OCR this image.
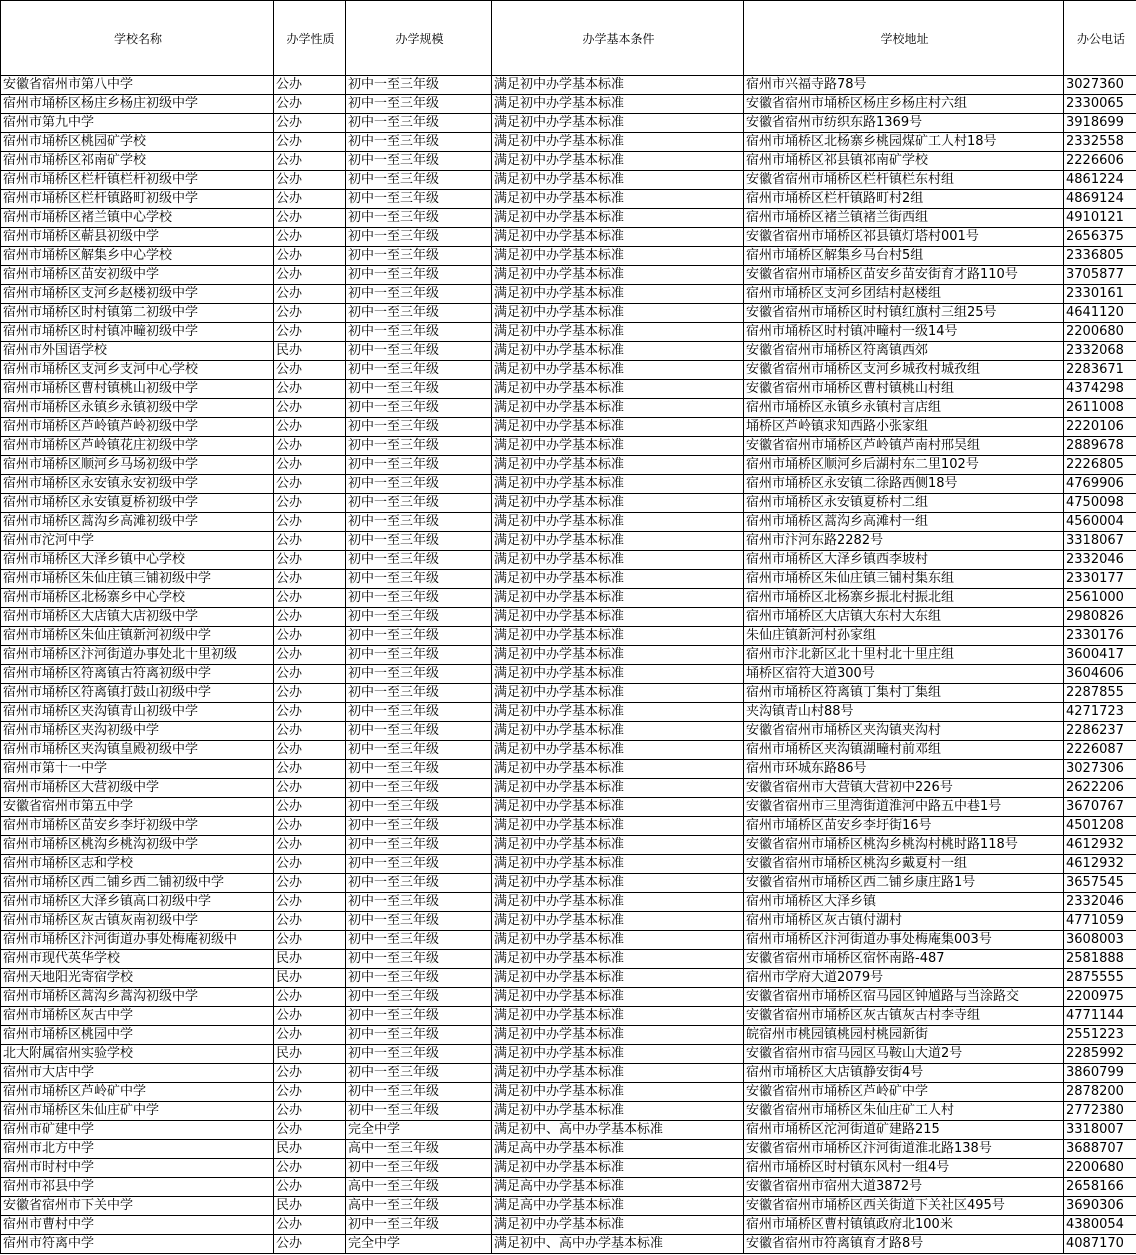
学校名称	办学性质	办学规模	办学基本条件	学校地址	办公电话
安徽省宿州市第八中学	公办	初中一至三年级	满足初中办学基本标准	宿州市兴福寺路78号	3027360
宿州市埇桥区杨庄乡杨庄初级中学	公办	初中一至三年级	满足初中办学基本标准	安徽省宿州市埇桥区杨庄乡杨庄村六组	2330065
宿州市第九中学	公办	初中一至三年级	满足初中办学基本标准	安徽省宿州市纺织东路1369号	3918699
宿州市埇桥区桃园矿学校	公办	初中一至三年级	满足初中办学基本标准	宿州市埇桥区北杨寨乡桃园煤矿工人村18号	2332558
宿州市埇桥区祁南矿学校	公办	初中一至三年级	满足初中办学基本标准	宿州市埇桥区祁县镇祁南矿学校	2226606
宿州市埇桥区栏杆镇栏杆初级中学	公办	初中一至三年级	满足初中办学基本标准	安徽省宿州市埇桥区栏杆镇栏东村组	4861224
宿州市埇桥区栏杆镇路町初级中学	公办	初中一至三年级	满足初中办学基本标准	宿州市埇桥区栏杆镇路町村2组	4869124
宿州市埇桥区褚兰镇中心学校	公办	初中一至三年级	满足初中办学基本标准	宿州市埇桥区褚兰镇褚兰街西组	4910121
宿州市埇桥区蕲县初级中学	公办	初中一至三年级	满足初中办学基本标准	安徽省宿州市埇桥区祁县镇灯塔村001号	2656375
宿州市埇桥区解集乡中心学校	公办	初中一至三年级	满足初中办学基本标准	宿州市埇桥区解集乡马台村5组	2336805
宿州市埇桥区苗安初级中学	公办	初中一至三年级	满足初中办学基本标准	安徽省宿州市埇桥区苗安乡苗安街育才路110号	3705877
宿州市埇桥区支河乡赵楼初级中学	公办	初中一至三年级	满足初中办学基本标准	宿州市埇桥区支河乡团结村赵楼组	2330161
宿州市埇桥区时村镇第二初级中学	公办	初中一至三年级	满足初中办学基本标准	安徽省宿州市埇桥区时村镇红旗村三组25号	4641120
宿州市埇桥区时村镇冲疃初级中学	公办	初中一至三年级	满足初中办学基本标准	宿州市埇桥区时村镇冲疃村一级14号	2200680
宿州市外国语学校	民办	初中一至三年级	满足初中办学基本标准	安徽省宿州市埇桥区符离镇西郊	2332068
宿州市埇桥区支河乡支河中心学校	公办	初中一至三年级	满足初中办学基本标准	安徽省宿州市埇桥区支河乡城孜村城孜组	2283671
宿州市埇桥区曹村镇桃山初级中学	公办	初中一至三年级	满足初中办学基本标准	安徽省宿州市埇桥区曹村镇桃山村组	4374298
宿州市埇桥区永镇乡永镇初级中学	公办	初中一至三年级	满足初中办学基本标准	宿州市埇桥区永镇乡永镇村言店组	2611008
宿州市埇桥区芦岭镇芦岭初级中学	公办	初中一至三年级	满足初中办学基本标准	埇桥区芦岭镇求知西路小张家组	2220106
宿州市埇桥区芦岭镇花庄初级中学	公办	初中一至三年级	满足初中办学基本标准	安徽省宿州市埇桥区芦岭镇芦南村邢吴组	2889678
宿州市埇桥区顺河乡马场初级中学	公办	初中一至三年级	满足初中办学基本标准	宿州市埇桥区顺河乡后湖村东二里102号	2226805
宿州市埇桥区永安镇永安初级中学	公办	初中一至三年级	满足初中办学基本标准	宿州市埇桥区永安镇二徐路西侧18号	4769906
宿州市埇桥区永安镇夏桥初级中学	公办	初中一至三年级	满足初中办学基本标准	宿州市埇桥区永安镇夏桥村二组	4750098
宿州市埇桥区蒿沟乡高滩初级中学	公办	初中一至三年级	满足初中办学基本标准	宿州市埇桥区蒿沟乡高滩村一组	4560004
宿州市沱河中学	公办	初中一至三年级	满足初中办学基本标准	宿州市汴河东路2282号	3318067
宿州市埇桥区大泽乡镇中心学校	公办	初中一至三年级	满足初中办学基本标准	宿州市埇桥区大泽乡镇西李坡村	2332046
宿州市埇桥区朱仙庄镇三铺初级中学	公办	初中一至三年级	满足初中办学基本标准	宿州市埇桥区朱仙庄镇三铺村集东组	2330177
宿州市埇桥区北杨寨乡中心学校	公办	初中一至三年级	满足初中办学基本标准	宿州市埇桥区北杨寨乡振北村振北组	2561000
宿州市埇桥区大店镇大店初级中学	公办	初中一至三年级	满足初中办学基本标准	宿州市埇桥区大店镇大东村大东组	2980826
宿州市埇桥区朱仙庄镇新河初级中学	公办	初中一至三年级	满足初中办学基本标准	朱仙庄镇新河村孙家组	2330176
宿州市埇桥区汴河街道办事处北十里初级	公办	初中一至三年级	满足初中办学基本标准	宿州市汴北新区北十里村北十里庄组	3600417
宿州市埇桥区符离镇古符离初级中学	公办	初中一至三年级	满足初中办学基本标准	埇桥区宿符大道300号	3604606
宿州市埇桥区符离镇打鼓山初级中学	公办	初中一至三年级	满足初中办学基本标准	宿州市埇桥区符离镇丁集村丁集组	2287855
宿州市埇桥区夹沟镇青山初级中学	公办	初中一至三年级	满足初中办学基本标准	夹沟镇青山村88号	4271723
宿州市埇桥区夹沟初级中学	公办	初中一至三年级	满足初中办学基本标准	安徽省宿州市埇桥区夹沟镇夹沟村	2286237
宿州市埇桥区夹沟镇皇殿初级中学	公办	初中一至三年级	满足初中办学基本标准	宿州市埇桥区夹沟镇湖疃村前邓组	2226087
宿州市第十一中学	公办	初中一至三年级	满足初中办学基本标准	宿州市环城东路86号	3027306
宿州市埇桥区大营初级中学	公办	初中一至三年级	满足初中办学基本标准	安徽省宿州市大营镇大营初中226号	2622206
安徽省宿州市第五中学	公办	初中一至三年级	满足初中办学基本标准	安徽省宿州市三里湾街道淮河中路五中巷1号	3670767
宿州市埇桥区苗安乡李圩初级中学	公办	初中一至三年级	满足初中办学基本标准	宿州市埇桥区苗安乡李圩街16号	4501208
宿州市埇桥区桃沟乡桃沟初级中学	公办	初中一至三年级	满足初中办学基本标准	安徽省宿州市埇桥区桃沟乡桃沟村桃时路118号	4612932
宿州市埇桥区志和学校	公办	初中一至三年级	满足初中办学基本标准	安徽省宿州市埇桥区桃沟乡戴夏村一组	4612932
宿州市埇桥区西二铺乡西二铺初级中学	公办	初中一至三年级	满足初中办学基本标准	安徽省宿州市埇桥区西二铺乡康庄路1号	3657545
宿州市埇桥区大泽乡镇高口初级中学	公办	初中一至三年级	满足初中办学基本标准	宿州市埇桥区大泽乡镇	2332046
宿州市埇桥区灰古镇灰南初级中学	公办	初中一至三年级	满足初中办学基本标准	宿州市埇桥区灰古镇付湖村	4771059
宿州市埇桥区汴河街道办事处梅庵初级中	公办	初中一至三年级	满足初中办学基本标准	宿州市埇桥区汴河街道办事处梅庵集003号	3608003
宿州市现代英华学校	民办	初中一至三年级	满足初中办学基本标准	安徽省宿州市埇桥区宿怀南路-487	2581888
宿州天地阳光寄宿学校	民办	初中一至三年级	满足初中办学基本标准	宿州市学府大道2079号	2875555
宿州市埇桥区蒿沟乡蒿沟初级中学	公办	初中一至三年级	满足初中办学基本标准	安徽省宿州市埇桥区宿马园区钟馗路与当涂路交	2200975
宿州市埇桥区灰古中学	公办	初中一至三年级	满足初中办学基本标准	安徽省宿州市埇桥区灰古镇灰古村李寺组	4771144
宿州市埇桥区桃园中学	公办	初中一至三年级	满足初中办学基本标准	皖宿州市桃园镇桃园村桃园新街	2551223
北大附属宿州实验学校	民办	初中一至三年级	满足初中办学基本标准	安徽省宿州市宿马园区马鞍山大道2号	2285992
宿州市大店中学	公办	初中一至三年级	满足初中办学基本标准	宿州市埇桥区大店镇静安街4号	3860799
宿州市埇桥区芦岭矿中学	公办	初中一至三年级	满足初中办学基本标准	安徽省宿州市埇桥区芦岭矿中学	2878200
宿州市埇桥区朱仙庄矿中学	公办	初中一至三年级	满足初中办学基本标准	安徽省宿州市埇桥区朱仙庄矿工人村	2772380
宿州市矿建中学	公办	完全中学	满足初中、高中办学基本标准	宿州市埇桥区沱河街道矿建路215	3318007
宿州市北方中学	民办	高中一至三年级	满足高中办学基本标准	安徽省宿州市埇桥区汴河街道淮北路138号	3688707
宿州市时村中学	公办	初中一至三年级	满足初中办学基本标准	宿州市埇桥区时村镇东风村一组4号	2200680
宿州市祁县中学	公办	高中一至三年级	满足高中办学基本标准	安徽省宿州市宿州大道3872号	2658166
安徽省宿州市下关中学	民办	高中一至三年级	满足高中办学基本标准	安徽省宿州市埇桥区西关街道下关社区495号	3690306
宿州市曹村中学	公办	初中一至三年级	满足初中办学基本标准	宿州市埇桥区曹村镇镇政府北100米	4380054
宿州市符离中学	公办	完全中学	满足初中、高中办学基本标准	安徽省宿州市符离镇育才路8号	4087170
